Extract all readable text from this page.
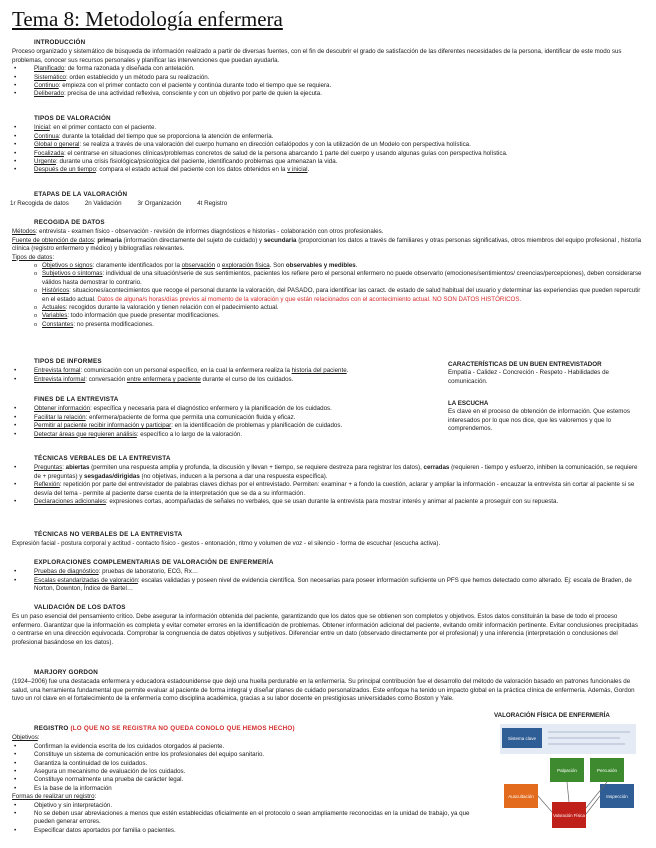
Tema 8: Metodología enfermera
INTRODUCCIÓN

Proceso organizado y sistemático de búsqueda de información realizado a partir de diversas fuentes, con el fin de descubrir el grado de satisfacción de las diferentes necesidades de la persona, identificar de este modo sus problemas, conocer sus recursos personales y planificar las intervenciones que puedan ayudarla.

• Planificado: de forma razonada y diseñada con antelación.
• Sistemático: orden establecido y un método para su realización.
• Continuo: empieza con el primer contacto con el paciente y continúa durante todo el tiempo que se requiera.
• Deliberado: precisa de una actividad reflexiva, consciente y con un objetivo por parte de quien la ejecuta.
TIPOS DE VALORACIÓN
• Inicial: en el primer contacto con el paciente.
• Continua: durante la totalidad del tiempo que se proporciona la atención de enfermería.
• Global o general: se realiza a través de una valoración del cuerpo humano en dirección cefalópodos y con la utilización de un Modelo con perspectiva holística.
• Focalizada: el centrarse en situaciones clínicas/problemas concretos de salud de la persona abarcando 1 parte del cuerpo y usando algunas guías con perspectiva holística.
• Urgente: durante una crisis fisiológica/psicológica del paciente, identificando problemas que amenazan la vida.
• Después de un tiempo: compara el estado actual del paciente con los datos obtenidos en la v inicial.
ETAPAS DE LA VALORACIÓN
1r Recogida de datos	2n Validación	3r Organización	4t Registro
RECOGIDA DE DATOS

Métodos: entrevista - examen físico - observación - revisión de informes diagnósticos e historias - colaboración con otros profesionales.

Fuente de obtención de datos: primaria (información directamente del sujeto de cuidado) y secundaria (proporcionan los datos a través de familiares y otras personas significativas, otros miembros del equipo profesional , historia clínica (registro enfermero y médico) y bibliografías relevantes.

Tipos de datos:

o Objetivos o signos: claramente identificados por la observación o exploración física. Son observables y medibles.
o Subjetivos o síntomas: individual de una situación/serie de sus sentimientos, pacientes los refiere pero el personal enfermero no puede observarlo (emociones/sentimientos/ creencias/percepciones), deben considerarse válidos hasta demostrar lo contrario.
o Históricos: situaciones/acontecimientos que recoge el personal durante la valoración, del PASADO, para identificar las caract. de estado de salud habitual del usuario y determinar las experiencias que pueden repercutir en el estado actual. Datos de alguna/s horas/días previos al momento de la valoración y que están relacionados con el acontecimiento actual. NO SON DATOS HISTÓRICOS.
o Actuales: recogidos durante la valoración y tienen relación con el padecimiento actual.
o Variables: todo información que puede presentar modificaciones.
o Constantes: no presenta modificaciones.
TIPOS DE INFORMES
• Entrevista formal: comunicación con un personal específico, en la cual la enfermera realiza la historia del paciente.
• Entrevista informal: conversación entre enfermera y paciente durante el curso de los cuidados.
FINES DE LA ENTREVISTA
• Obtener información: específica y necesaria para el diagnóstico enfermero y la planificación de los cuidados.
• Facilitar la relación: enfermera/paciente de forma que permita una comunicación fluida y eficaz.
• Permitir al paciente recibir información y participar: en la identificación de problemas y planificación de cuidados.
• Detectar áreas que requieren análisis: específico a lo largo de la valoración.
CARACTERÍSTICAS DE UN BUEN ENTREVISTADOR

Empatía - Calidez - Concreción - Respeto - Habilidades de comunicación.

LA ESCUCHA

Es clave en el proceso de obtención de información. Que estemos interesados por lo que nos dice, que les valoremos y que lo comprendemos.

TÉCNICAS VERBALES DE LA ENTREVISTA
• Preguntas: abiertas (permiten una respuesta amplia y profunda, la discusión y llevan + tiempo, se requiere destreza para registrar los datos), cerradas (requieren - tiempo y esfuerzo, inhiben la comunicación, se requiere de + preguntas) y sesgadas/dirigidas (no objetivas, inducen a la persona a dar una respuesta específica).
• Reflexión: repetición por parte del entrevistador de palabras claves dichas por el entrevistado. Permiten: examinar + a fondo la cuestión, aclarar y ampliar la información - encauzar la entrevista sin cortar al paciente si se desvía del tema - permite al paciente darse cuenta de la interpretación que se da a su información.
• Declaraciones adicionales: expresiones cortas, acompañadas de señales no verbales, que se usan durante la entrevista para mostrar interés y animar al paciente a proseguir con su repuesta.
TÉCNICAS NO VERBALES DE LA ENTREVISTA

Expresión facial - postura corporal y actitud - contacto físico - gestos - entonación, ritmo y volumen de voz - el silencio - forma de escuchar (escucha activa).

EXPLORACIONES COMPLEMENTARIAS DE VALORACIÓN DE ENFERMERÍA
• Pruebas de diagnóstico: pruebas de laboratorio, ECG, Rx…
• Escalas estandarizadas de valoración: escalas validadas y poseen nivel de evidencia científica. Son necesarias para poseer información suficiente un PFS que hemos detectado como alterado. Ej: escala de Braden, de Norton, Downton, Índice de Bartel…
VALIDACIÓN DE LOS DATOS

Es un paso esencial del pensamiento crítico. Debe asegurar la información obtenida del paciente, garantizando que los datos que se obtienen son completos y objetivos. Estos datos constituirán la base de todo el proceso enfermero. Garantizar que la información es completa y evitar cometer errores en la identificación de problemas. Obtener información adicional del paciente, evitando omitir información pertinente. Evitar conclusiones precipitadas o centrarse en una dirección equivocada. Comprobar la congruencia de datos objetivos y subjetivos. Diferenciar entre un dato (observado directamente por el profesional) y una inferencia (interpretación o conclusiones del profesional basándose en los datos).

MARJORY GORDON

(1924–2006) fue una destacada enfermera y educadora estadounidense que dejó una huella perdurable en la enfermería. Su principal contribución fue el desarrollo del método de valoración basado en patrones funcionales de salud, una herramienta fundamental que permite evaluar al paciente de forma integral y diseñar planes de cuidado personalizados. Este enfoque ha tenido un impacto global en la práctica clínica de enfermería. Además, Gordon tuvo un rol clave en el fortalecimiento de la enfermería como disciplina académica, gracias a su labor docente en prestigiosas universidades como Boston y Yale.

REGISTRO (LO QUE NO SE REGISTRA NO QUEDA CONOLO QUE HEMOS HECHO)

Objetivos:

• Confirman la evidencia escrita de los cuidados otorgados al paciente.
• Constituye un sistema de comunicación entre los profesionales del equipo sanitario.
• Garantiza la continuidad de los cuidados.
• Asegura un mecanismo de evaluación de los cuidados.
• Constituye normalmente una prueba de carácter legal.
• Es la base de la información

Formas de realizar un registro:

• Objetivo y sin interpretación.
• No se deben usar abreviaciones a menos que estén establecidas oficialmente en el protocolo o sean ampliamente reconocidas en la unidad de trabajo, ya que pueden generar errores.
• Especificar datos aportados por familia o pacientes.
VALORACIÓN FÍSICA DE ENFERMERÍA
Sistema clave
Palpación	Percusión
Auscultación	Inspección
Valoración Física
